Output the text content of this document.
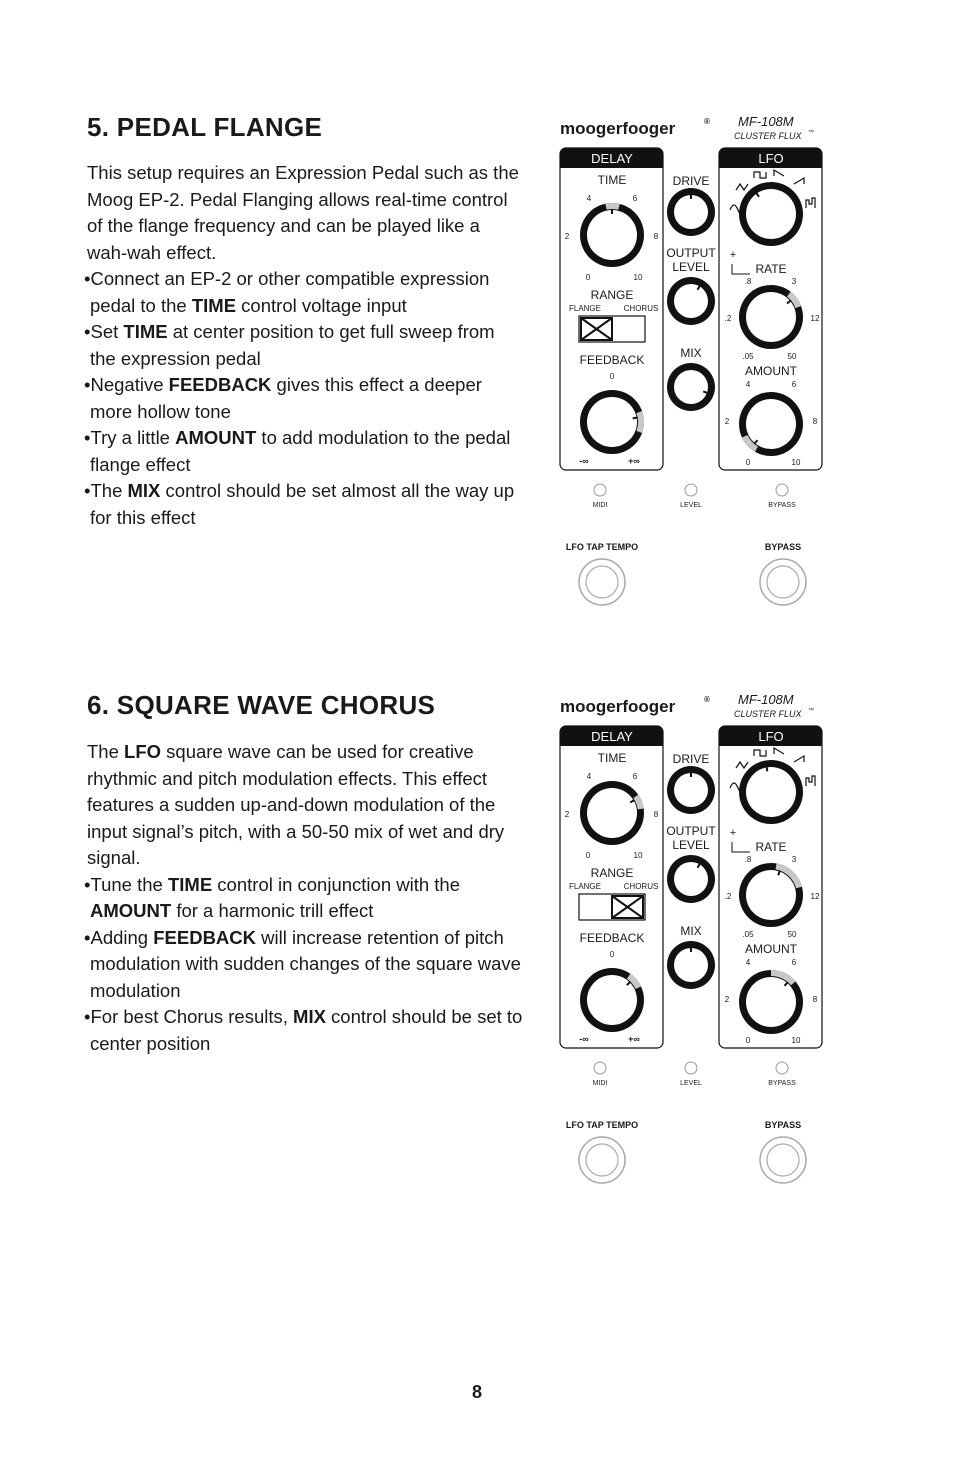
5. PEDAL FLANGE

This setup requires an Expression Pedal such as the Moog EP-2. Pedal Flanging allows real-time control of the flange frequency and can be played like a wah-wah effect.

•Connect an EP-2 or other compatible expression pedal to the TIME control voltage input

•Set TIME at center position to get full sweep from the expression pedal

•Negative FEEDBACK gives this effect a deeper more hollow tone

•Try a little AMOUNT to add modulation to the pedal flange effect

•The MIX control should be set almost all the way up for this effect

moogerfooger	® MF-108M
CLUSTER FLUX ™
DELAY	LFO
TIME
4	6
2	8
0	10
RANGE
FLANGE	CHORUS
FEEDBACK
0
-∞	+∞
DRIVE
OUTPUT
LEVEL
MIX
+
RATE
.8	3
.2	12
.05	50
AMOUNT
4	6
2	8
0	10
MIDI	LEVEL	BYPASS
LFO TAP TEMPO	BYPASS
6. SQUARE WAVE CHORUS

The LFO square wave can be used for creative rhythmic and pitch modulation effects. This effect features a sudden up-and-down modulation of the input signal’s pitch, with a 50-50 mix of wet and dry signal.

•Tune the TIME control in conjunction with the AMOUNT for a harmonic trill effect

•Adding FEEDBACK will increase retention of pitch modulation with sudden changes of the square wave modulation

•For best Chorus results, MIX control should be set to center position

moogerfooger	® MF-108M
CLUSTER FLUX ™
DELAY	LFO
TIME
4	6
2	8
0	10
RANGE
FLANGE	CHORUS
FEEDBACK
0
-∞	+∞
DRIVE
OUTPUT
LEVEL
MIX
+
RATE
.8	3
.2	12
.05	50
AMOUNT
4	6
2	8
0	10
MIDI	LEVEL	BYPASS
LFO TAP TEMPO	BYPASS
8
